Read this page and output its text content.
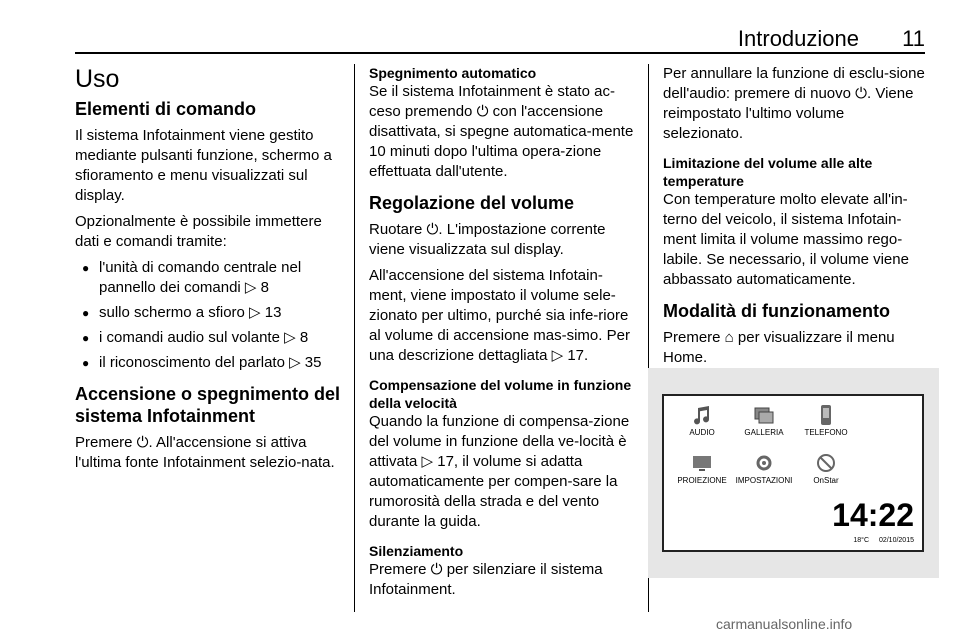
Introduzione 11
Uso
Elementi di comando
Il sistema Infotainment viene gestito mediante pulsanti funzione, schermo a sfioramento e menu visualizzati sul display.
Opzionalmente è possibile immettere dati e comandi tramite:
● l'unità di comando centrale nel pannello dei comandi ▷ 8
● sullo schermo a sfioro ▷ 13
● i comandi audio sul volante ▷ 8
● il riconoscimento del parlato ▷ 35
Accensione o spegnimento del sistema Infotainment
Premere ⏻. All'accensione si attiva l'ultima fonte Infotainment selezio-nata.
Spegnimento automatico
Se il sistema Infotainment è stato ac-ceso premendo ⏻ con l'accensione disattivata, si spegne automatica-mente 10 minuti dopo l'ultima opera-zione effettuata dall'utente.
Regolazione del volume
Ruotare ⏻. L'impostazione corrente viene visualizzata sul display.
All'accensione del sistema Infotain-ment, viene impostato il volume sele-zionato per ultimo, purché sia infe-riore al volume di accensione mas-simo. Per una descrizione dettagliata ▷ 17.
Compensazione del volume in funzione della velocità
Quando la funzione di compensa-zione del volume in funzione della ve-locità è attivata ▷ 17, il volume si adatta automaticamente per compen-sare la rumorosità della strada e del vento durante la guida.
Silenziamento
Premere ⏻ per silenziare il sistema Infotainment.
Per annullare la funzione di esclu-sione dell'audio: premere di nuovo ⏻. Viene reimpostato l'ultimo volume selezionato.
Limitazione del volume alle alte temperature
Con temperature molto elevate all'in-terno del veicolo, il sistema Infotain-ment limita il volume massimo rego-labile. Se necessario, il volume viene abbassato automaticamente.
Modalità di funzionamento
Premere ⌂ per visualizzare il menu Home.
AUDIO	GALLERIA	TELEFONO
PROIEZIONE	IMPOSTAZIONI	OnStar
14:22
18°C 02/10/2015
carmanualsonline.info
